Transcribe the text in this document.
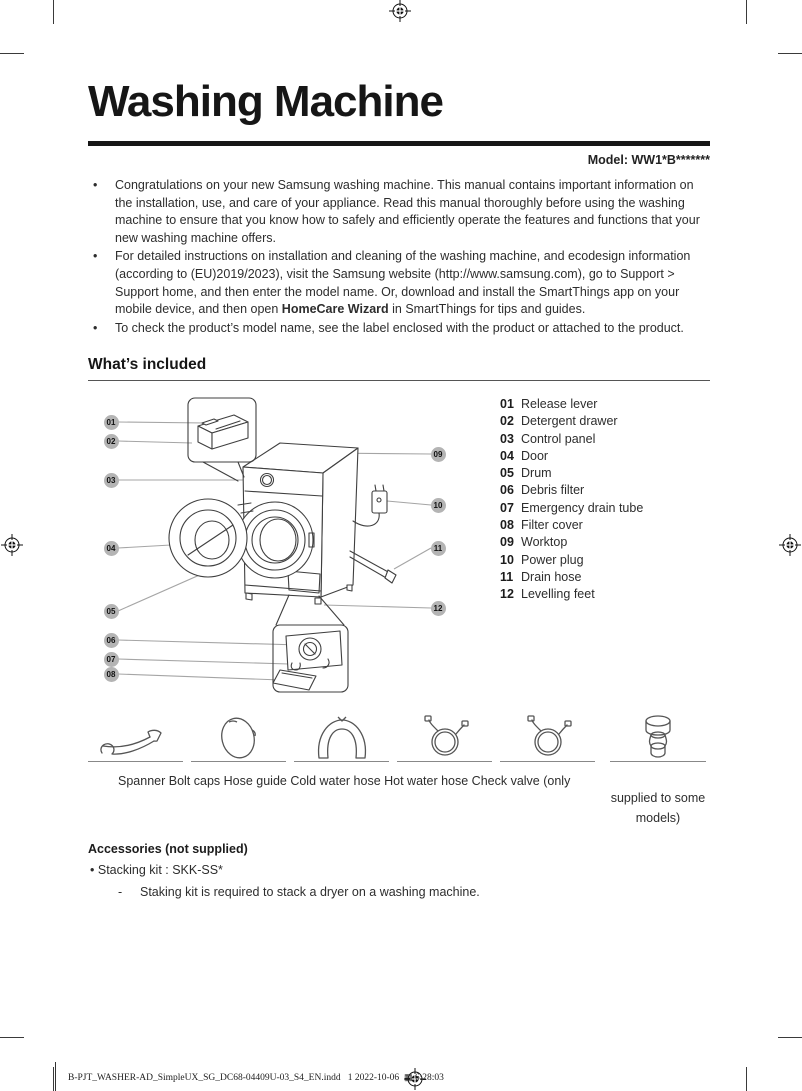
Washing Machine
Model: WW1*B*******
• Congratulations on your new Samsung washing machine. This manual contains important information on the installation, use, and care of your appliance. Read this manual thoroughly before using the washing machine to ensure that you know how to safely and efficiently operate the features and functions that your new washing machine offers.
• For detailed instructions on installation and cleaning of the washing machine, and ecodesign information (according to (EU)2019/2023), visit the Samsung website (http://www.samsung.com), go to Support > Support home, and then enter the model name. Or, download and install the SmartThings app on your mobile device, and then open HomeCare Wizard in SmartThings for tips and guides.
• To check the product’s model name, see the label enclosed with the product or attached to the product.
What’s included
01
02
03
04
05
06
07
08
09
10
11
12
01 Release lever
02 Detergent drawer
03 Control panel
04 Door
05 Drum
06 Debris filter
07 Emergency drain tube
08 Filter cover
09 Worktop
10 Power plug
11 Drain hose
12 Levelling feet
Spanner Bolt caps Hose guide Cold water hose Hot water hose Check valve (only
supplied to some models)
Accessories (not supplied)
• Stacking kit : SKK-SS*
- Staking kit is required to stack a dryer on a washing machine.
B-PJT_WASHER-AD_SimpleUX_SG_DC68-04409U-03_S4_EN.indd 1 2022-10-06 ▦ 6:28:03
